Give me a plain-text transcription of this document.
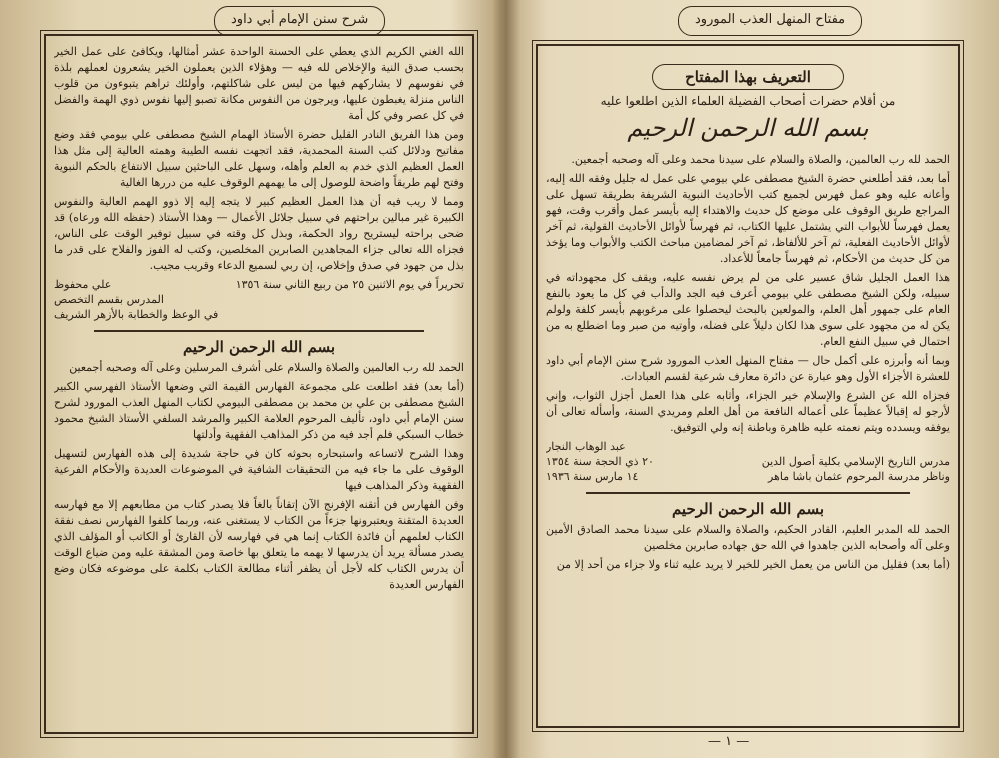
شرح سنن الإمام أبي داود

الله الغني الكريم الذي يعطي على الحسنة الواحدة عشر أمثالها، ويكافئ على عمل الخير بحسب صدق النية والإخلاص لله فيه — وهؤلاء الذين يعملون الخير يشعرون لعملهم بلذة في نفوسهم لا يشاركهم فيها من ليس على شاكلتهم، وأولئك تراهم يتبوءون من قلوب الناس منزلة يغبطون عليها، ويرجون من النفوس مكانة تصبو إليها نفوس ذوي الهمة والفضل في كل عصر وفي كل أمة

ومن هذا الفريق النادر القليل حضرة الأستاذ الهمام الشيخ مصطفى علي بيومي فقد وضع مفاتيح ودلائل كتب السنة المحمدية، فقد اتجهت نفسه الطيبة وهمته العالية إلى مثل هذا العمل العظيم الذي خدم به العلم وأهله، وسهل على الباحثين سبيل الانتفاع بالحكم النبوية وفتح لهم طريقاً واضحة للوصول إلى ما يهمهم الوقوف عليه من دررها الغالية

ومما لا ريب فيه أن هذا العمل العظيم كبير لا يتجه إليه إلا ذوو الهمم العالية والنفوس الكبيرة غير مبالين براحتهم في سبيل جلائل الأعمال — وهذا الأستاذ (حفظه الله ورعاه) قد ضحى براحته ليستريح رواد الحكمة، وبذل كل وقته في سبيل توفير الوقت على الناس، فجزاه الله تعالى جزاء المجاهدين الصابرين المخلصين، وكتب له الفوز والفلاح على قدر ما بذل من جهود في صدق وإخلاص، إن ربي لسميع الدعاء وقريب مجيب.

تحريراً في يوم الاثنين ٢٥ من ربيع الثاني سنة ١٣٥٦
علي محفوظ

المدرس بقسم التخصص

في الوعظ والخطابة بالأزهر الشريف

بسم الله الرحمن الرحيم

الحمد لله رب العالمين والصلاة والسلام على أشرف المرسلين وعلى آله وصحبه أجمعين

(أما بعد) فقد اطلعت على مجموعة الفهارس القيمة التي وضعها الأستاذ الفهرسي الكبير الشيخ مصطفى بن علي بن محمد بن مصطفى البيومي لكتاب المنهل العذب المورود لشرح سنن الإمام أبي داود، تأليف المرحوم العلامة الكبير والمرشد السلفي الأستاذ الشيخ محمود خطاب السبكي فلم أجد فيه من ذكر المذاهب الفقهية وأدلتها

وهذا الشرح لاتساعه واستبحاره بحوثه كان في حاجة شديدة إلى هذه الفهارس لتسهيل الوقوف على ما جاء فيه من التحقيقات الشافية في الموضوعات العديدة والأحكام الفرعية الفقهية وذكر المذاهب فيها

وفن الفهارس فن أتقنه الإفرنج الآن إتقاناً بالغاً فلا يصدر كتاب من مطابعهم إلا مع فهارسه العديدة المتقنة ويعتبرونها جزءاً من الكتاب لا يستغنى عنه، وربما كلفوا الفهارس نصف نفقة الكتاب لعلمهم أن فائدة الكتاب إنما هي في فهارسه لأن القارئ أو الكاتب أو المؤلف الذي يصدر مسألة يريد أن يدرسها لا يهمه ما يتعلق بها خاصة ومن المشقة عليه ومن ضياع الوقت أن يدرس الكتاب كله لأجل أن يظفر أثناء مطالعة الكتاب بكلمة على موضوعه فكان وضع الفهارس العديدة

مفتاح المنهل العذب المورود
التعريف بهذا المفتاح
من أقلام حضرات أصحاب الفضيلة العلماء الذين اطلعوا عليه
بسم الله الرحمن الرحيم

الحمد لله رب العالمين، والصلاة والسلام على سيدنا محمد وعلى آله وصحبه أجمعين.

أما بعد، فقد أطلعني حضرة الشيخ مصطفى علي بيومي على عمل له جليل وفقه الله إليه، وأعانه عليه وهو عمل فهرس لجميع كتب الأحاديث النبوية الشريفة بطريقة تسهل على المراجع طريق الوقوف على موضع كل حديث والاهتداء إليه بأيسر عمل وأقرب وقت، فهو يعمل فهرساً للأبواب التي يشتمل عليها الكتاب، ثم فهرساً لأوائل الأحاديث القولية، ثم آخر لأوائل الأحاديث الفعلية، ثم آخر للألفاظ، ثم آخر لمضامين مباحث الكتب والأبواب وما يؤخذ من كل حديث من الأحكام، ثم فهرساً جامعاً للأعداد.

هذا العمل الجليل شاق عسير على من لم يرض نفسه عليه، ويقف كل مجهوداته في سبيله، ولكن الشيخ مصطفى علي بيومي أعرف فيه الجد والدأب في كل ما يعود بالنفع العام على جمهور أهل العلم، والمولعين بالبحث ليحصلوا على مرغوبهم بأيسر كلفة ولولم يكن له من مجهود على سوى هذا لكان دليلاً على فضله، وأوتيه من صبر وما اضطلع به من احتمال في سبيل النفع العام.

وبما أنه وأبرزه على أكمل حال — مفتاح المنهل العذب المورود شرح سنن الإمام أبي داود للعشرة الأجزاء الأول وهو عبارة عن دائرة معارف شرعية لقسم العبادات.

فجزاه الله عن الشرع والإسلام خير الجزاء، وأثابه على هذا العمل أجزل الثواب، وإني لأرجو له إقبالاً عظيماً على أعماله النافعة من أهل العلم ومريدي السنة، وأسأله تعالى أن يوفقه ويسدده ويتم نعمته عليه ظاهرة وباطنة إنه ولي التوفيق.

عبد الوهاب النجار

مدرس التاريخ الإسلامي بكلية أصول الدين
٢٠ ذي الحجة سنة ١٣٥٤
وناظر مدرسة المرحوم عثمان باشا ماهر
١٤ مارس سنة ١٩٣٦
بسم الله الرحمن الرحيم

الحمد لله المدبر العليم، القادر الحكيم، والصلاة والسلام على سيدنا محمد الصادق الأمين وعلى آله وأصحابه الذين جاهدوا في الله حق جهاده صابرين مخلصين

(أما بعد) فقليل من الناس من يعمل الخير للخير لا يريد عليه ثناء ولا جزاء من أحد إلا من

— ١ —
